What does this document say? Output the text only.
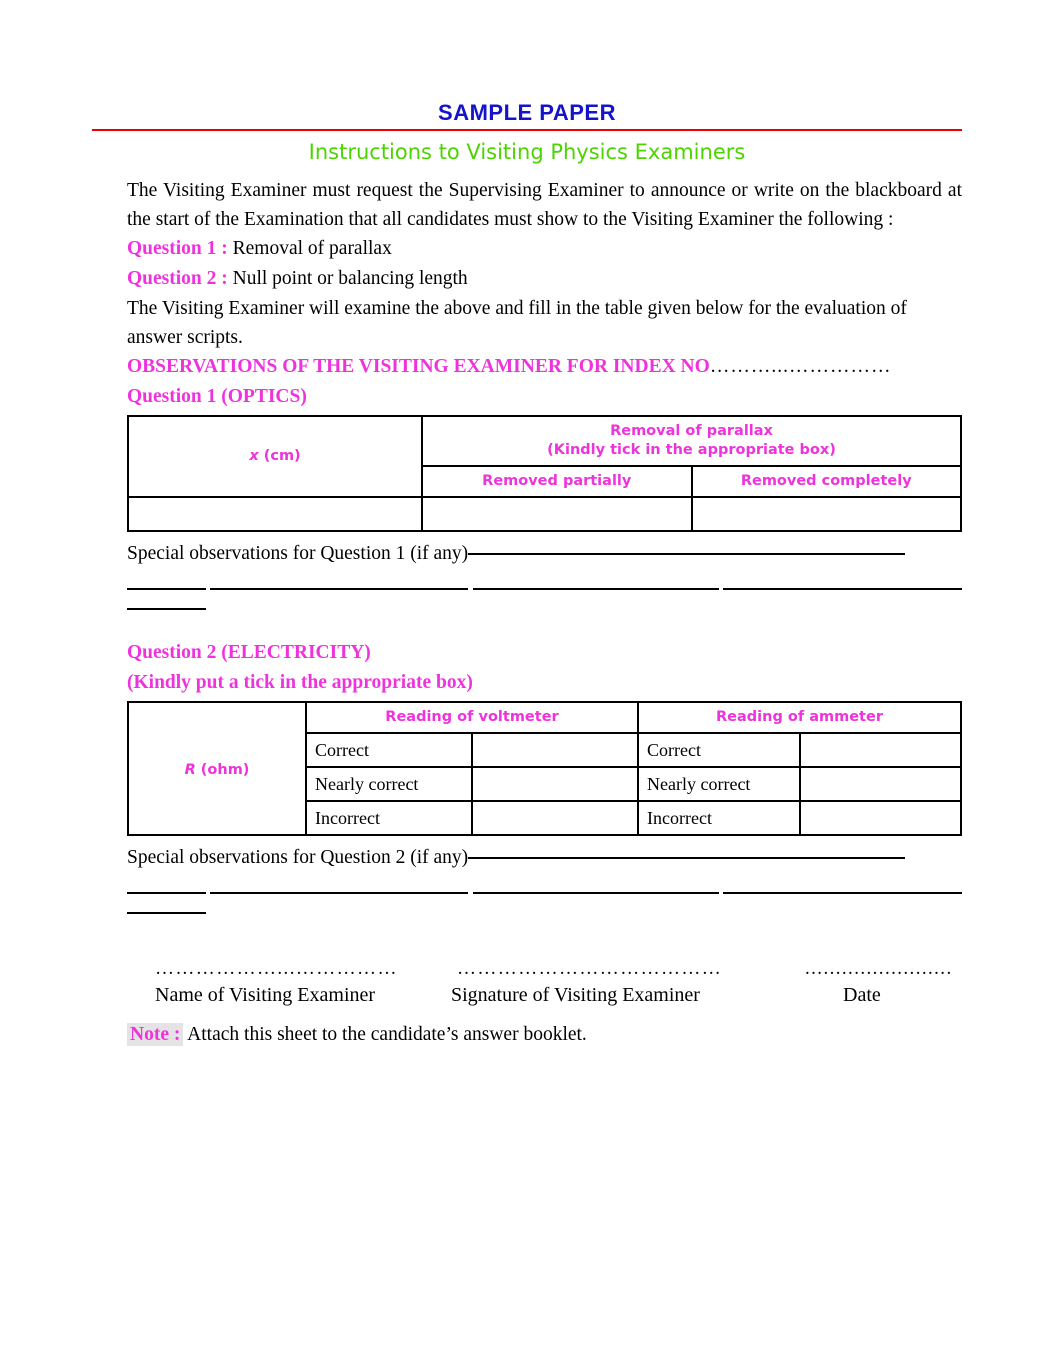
SAMPLE PAPER
Instructions to Visiting Physics Examiners

The Visiting Examiner must request the Supervising Examiner to announce or write on the blackboard at the start of the Examination that all candidates must show to the Visiting Examiner the following :

Question 1 : Removal of parallax

Question 2 : Null point or balancing length

The Visiting Examiner will examine the above and fill in the table given below for the evaluation of answer scripts.

OBSERVATIONS OF THE VISITING EXAMINER FOR INDEX NO………...……………

Question 1 (OPTICS)

x (cm)	Removal of parallax
(Kindly tick in the appropriate box)	

	Removed partially	Removed completely

Special observations for Question 1 (if any)

Question 2 (ELECTRICITY)

(Kindly put a tick in the appropriate box)

R (ohm)	Reading of voltmeter		Reading of ammeter	

	Correct		Correct	

	Nearly correct		Nearly correct	

	Incorrect		Incorrect	

Special observations for Question 2 (if any)
………………...……………	…………………………………	........................
Name of Visiting Examiner	Signature of Visiting Examiner	Date
Note : Attach this sheet to the candidate’s answer booklet.
